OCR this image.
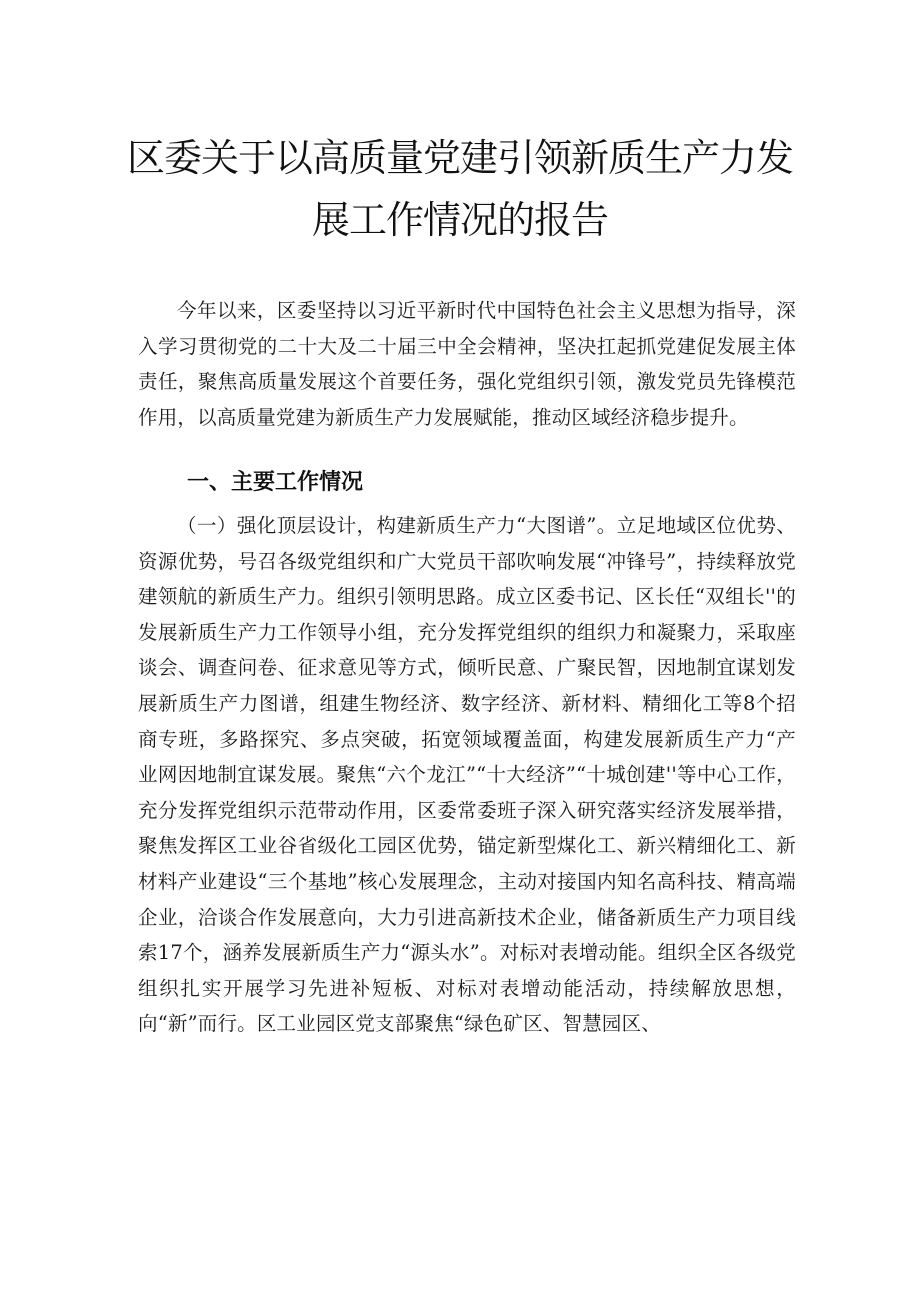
区委关于以高质量党建引领新质生产力发
展工作情况的报告

今年以来，区委坚持以习近平新时代中国特色社会主义思想为指导，深入学习贯彻党的二十大及二十届三中全会精神，坚决扛起抓党建促发展主体责任，聚焦高质量发展这个首要任务，强化党组织引领，激发党员先锋模范作用，以高质量党建为新质生产力发展赋能，推动区域经济稳步提升。

一、主要工作情况

（一）强化顶层设计，构建新质生产力“大图谱”。立足地域区位优势、资源优势，号召各级党组织和广大党员干部吹响发展“冲锋号”，持续释放党建领航的新质生产力。组织引领明思路。成立区委书记、区长任“双组长''的发展新质生产力工作领导小组，充分发挥党组织的组织力和凝聚力，采取座谈会、调查问卷、征求意见等方式，倾听民意、广聚民智，因地制宜谋划发展新质生产力图谱，组建生物经济、数字经济、新材料、精细化工等8个招商专班，多路探究、多点突破，拓宽领域覆盖面，构建发展新质生产力“产业网因地制宜谋发展。聚焦“六个龙江”“十大经济”“十城创建''等中心工作，充分发挥党组织示范带动作用，区委常委班子深入研究落实经济发展举措，聚焦发挥区工业谷省级化工园区优势，锚定新型煤化工、新兴精细化工、新材料产业建设“三个基地”核心发展理念，主动对接国内知名高科技、精高端企业，洽谈合作发展意向，大力引进高新技术企业，储备新质生产力项目线索17个，涵养发展新质生产力“源头水”。对标对表增动能。组织全区各级党组织扎实开展学习先进补短板、对标对表增动能活动，持续解放思想，向“新”而行。区工业园区党支部聚焦“绿色矿区、智慧园区、
